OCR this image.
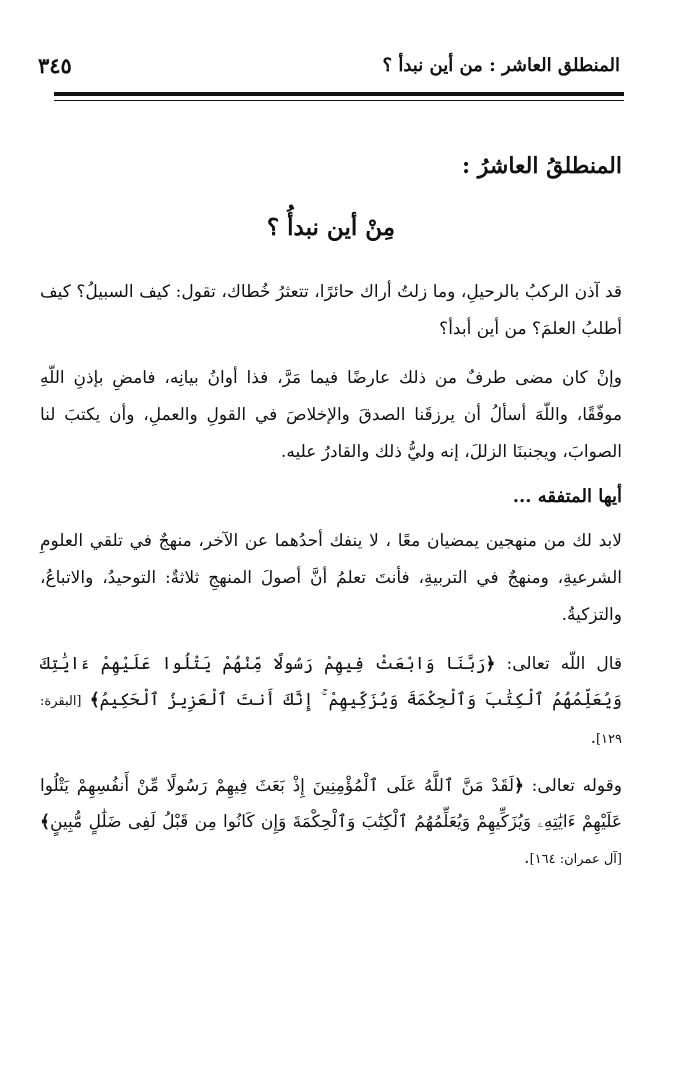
المنطلق العاشر : من أين نبدأ ؟
٣٤٥
المنطلقُ العاشرُ :
مِنْ أين نبدأُ ؟

قد آذن الركبُ بالرحيلِ، وما زلتُ أراك حائرًا، تتعثرُ خُطاك، تقول: كيف السبيلُ؟ كيف أطلبُ العلمَ؟ من أين أبدأ؟

وإنْ كان مضى طرفٌ من ذلك عارضًا فيما مَرَّ، فذا أوانُ بيانِه، فامضِ بإذنِ اللّهِ موفّقًا، واللّهَ أسألُ أن يرزقَنا الصدقَ والإخلاصَ في القولِ والعملِ، وأن يكتبَ لنا الصوابَ، ويجنبنَا الزللَ، إنه وليُّ ذلك والقادرُ عليه.

أيها المتفقه ...

لابد لك من منهجين يمضيان معًا ، لا ينفك أحدُهما عن الآخر، منهجٌ في تلقي العلومِ الشرعيةِ، ومنهجٌ في التربيةِ، فأنتَ تعلمُ أنَّ أصولَ المنهجِ ثلاثةٌ: التوحيدُ، والاتباعُ، والتزكيةُ.

قال اللّه تعالى: ﴿رَبَّنَا وَابْعَثْ فِيهِمْ رَسُولًا مِّنْهُمْ يَتْلُوا عَلَيْهِمْ ءَايَٰتِكَ وَيُعَلِّمُهُمُ ٱلْكِتَٰبَ وَٱلْحِكْمَةَ وَيُزَكِّيهِمْ ۚ إِنَّكَ أَنتَ ٱلْعَزِيزُ ٱلْحَكِيمُ﴾ [البقرة: ١٢٩].

وقوله تعالى: ﴿لَقَدْ مَنَّ ٱللَّهُ عَلَى ٱلْمُؤْمِنِينَ إِذْ بَعَثَ فِيهِمْ رَسُولًا مِّنْ أَنفُسِهِمْ يَتْلُوا عَلَيْهِمْ ءَايَٰتِهِۦ وَيُزَكِّيهِمْ وَيُعَلِّمُهُمُ ٱلْكِتَٰبَ وَٱلْحِكْمَةَ وَإِن كَانُوا مِن قَبْلُ لَفِى ضَلَٰلٍ مُّبِينٍ﴾ [آل عمران: ١٦٤].
